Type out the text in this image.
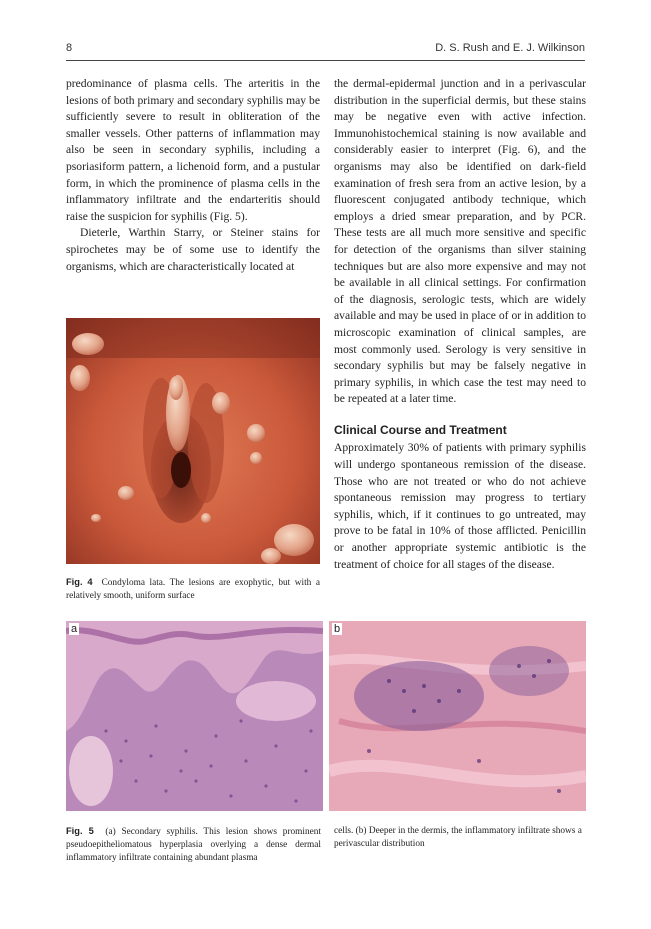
8	D. S. Rush and E. J. Wilkinson

predominance of plasma cells. The arteritis in the lesions of both primary and secondary syphilis may be sufficiently severe to result in obliteration of the smaller vessels. Other patterns of inflammation may also be seen in secondary syphilis, including a psoriasiform pattern, a lichenoid form, and a pustular form, in which the prominence of plasma cells in the inflammatory infiltrate and the endarteritis should raise the suspicion for syphilis (Fig. 5).

Dieterle, Warthin Starry, or Steiner stains for spirochetes may be of some use to identify the organisms, which are characteristically located at

the dermal-epidermal junction and in a perivascular distribution in the superficial dermis, but these stains may be negative even with active infection. Immunohistochemical staining is now available and considerably easier to interpret (Fig. 6), and the organisms may also be identified on dark-field examination of fresh sera from an active lesion, by a fluorescent conjugated antibody technique, which employs a dried smear preparation, and by PCR. These tests are all much more sensitive and specific for detection of the organisms than silver staining techniques but are also more expensive and may not be available in all clinical settings. For confirmation of the diagnosis, serologic tests, which are widely available and may be used in place of or in addition to microscopic examination of clinical samples, are most commonly used. Serology is very sensitive in secondary syphilis but may be falsely negative in primary syphilis, in which case the test may need to be repeated at a later time.

Clinical Course and Treatment

Approximately 30% of patients with primary syphilis will undergo spontaneous remission of the disease. Those who are not treated or who do not achieve spontaneous remission may progress to tertiary syphilis, which, if it continues to go untreated, may prove to be fatal in 10% of those afflicted. Penicillin or another appropriate systemic antibiotic is the treatment of choice for all stages of the disease.

Fig. 4 Condyloma lata. The lesions are exophytic, but with a relatively smooth, uniform surface
a	b
Fig. 5 (a) Secondary syphilis. This lesion shows prominent pseudoepitheliomatous hyperplasia overlying a dense dermal inflammatory infiltrate containing abundant plasma
cells. (b) Deeper in the dermis, the inflammatory infiltrate shows a perivascular distribution
